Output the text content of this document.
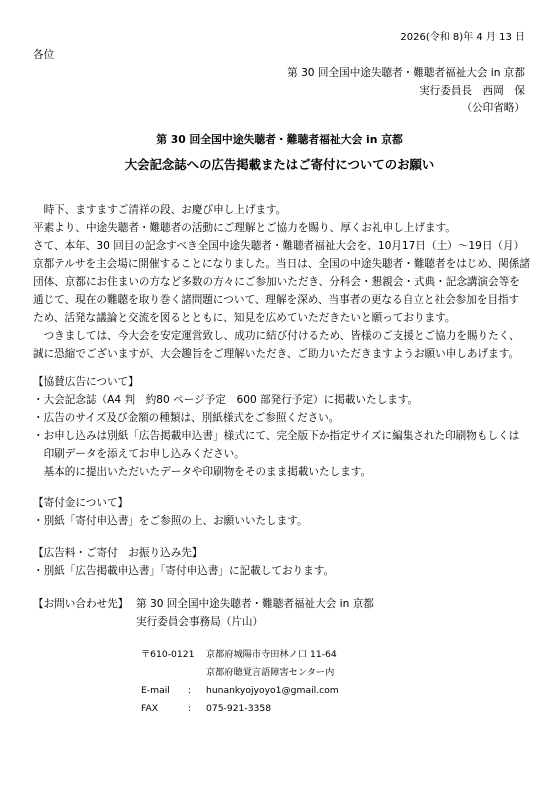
2026(令和 8)年 4 月 13 日
各位
第 30 回全国中途失聴者・難聴者福祉大会 in 京都
実行委員長　西岡　保
（公印省略）
第 30 回全国中途失聴者・難聴者福祉大会 in 京都
大会記念誌への広告掲載またはご寄付についてのお願い
　時下、ますますご清祥の段、お慶び申し上げます。
平素より、中途失聴者・難聴者の活動にご理解とご協力を賜り、厚くお礼申し上げます。
さて、本年、30 回目の記念すべき全国中途失聴者・難聴者福祉大会を、10月17日（土）～19日（月）
京都テルサを主会場に開催することになりました。当日は、全国の中途失聴者・難聴者をはじめ、関係諸
団体、京都にお住まいの方など多数の方々にご参加いただき、分科会・懇親会・式典・記念講演会等を
通じて、現在の難聴を取り巻く諸問題について、理解を深め、当事者の更なる自立と社会参加を目指す
ため、活発な議論と交流を図るとともに、知見を広めていただきたいと願っております。
　つきましては、今大会を安定運営致し、成功に結び付けるため、皆様のご支援とご協力を賜りたく、
誠に恐縮でございますが、大会趣旨をご理解いただき、ご助力いただきますようお願い申しあげます。
【協賛広告について】
・大会記念誌（A4 判　約80 ページ予定　600 部発行予定）に掲載いたします。
・広告のサイズ及び金額の種類は、別紙様式をご参照ください。
・お申し込みは別紙「広告掲載申込書」様式にて、完全版下か指定サイズに編集された印刷物もしくは
　印刷データを添えてお申し込みください。
　基本的に提出いただいたデータや印刷物をそのまま掲載いたします。
【寄付金について】
・別紙「寄付申込書」をご参照の上、お願いいたします。
【広告料・ご寄付　お振り込み先】
・別紙「広告掲載申込書」「寄付申込書」に記載しております。
【お問い合わせ先】 第 30 回全国中途失聴者・難聴者福祉大会 in 京都
実行委員会事務局（片山）
〒610-0121 京都府城陽市寺田林ノ口 11-64
京都府聴覚言語障害センター内
E-mail : hunankyojyoyo1@gmail.com
FAX	: 075-921-3358
